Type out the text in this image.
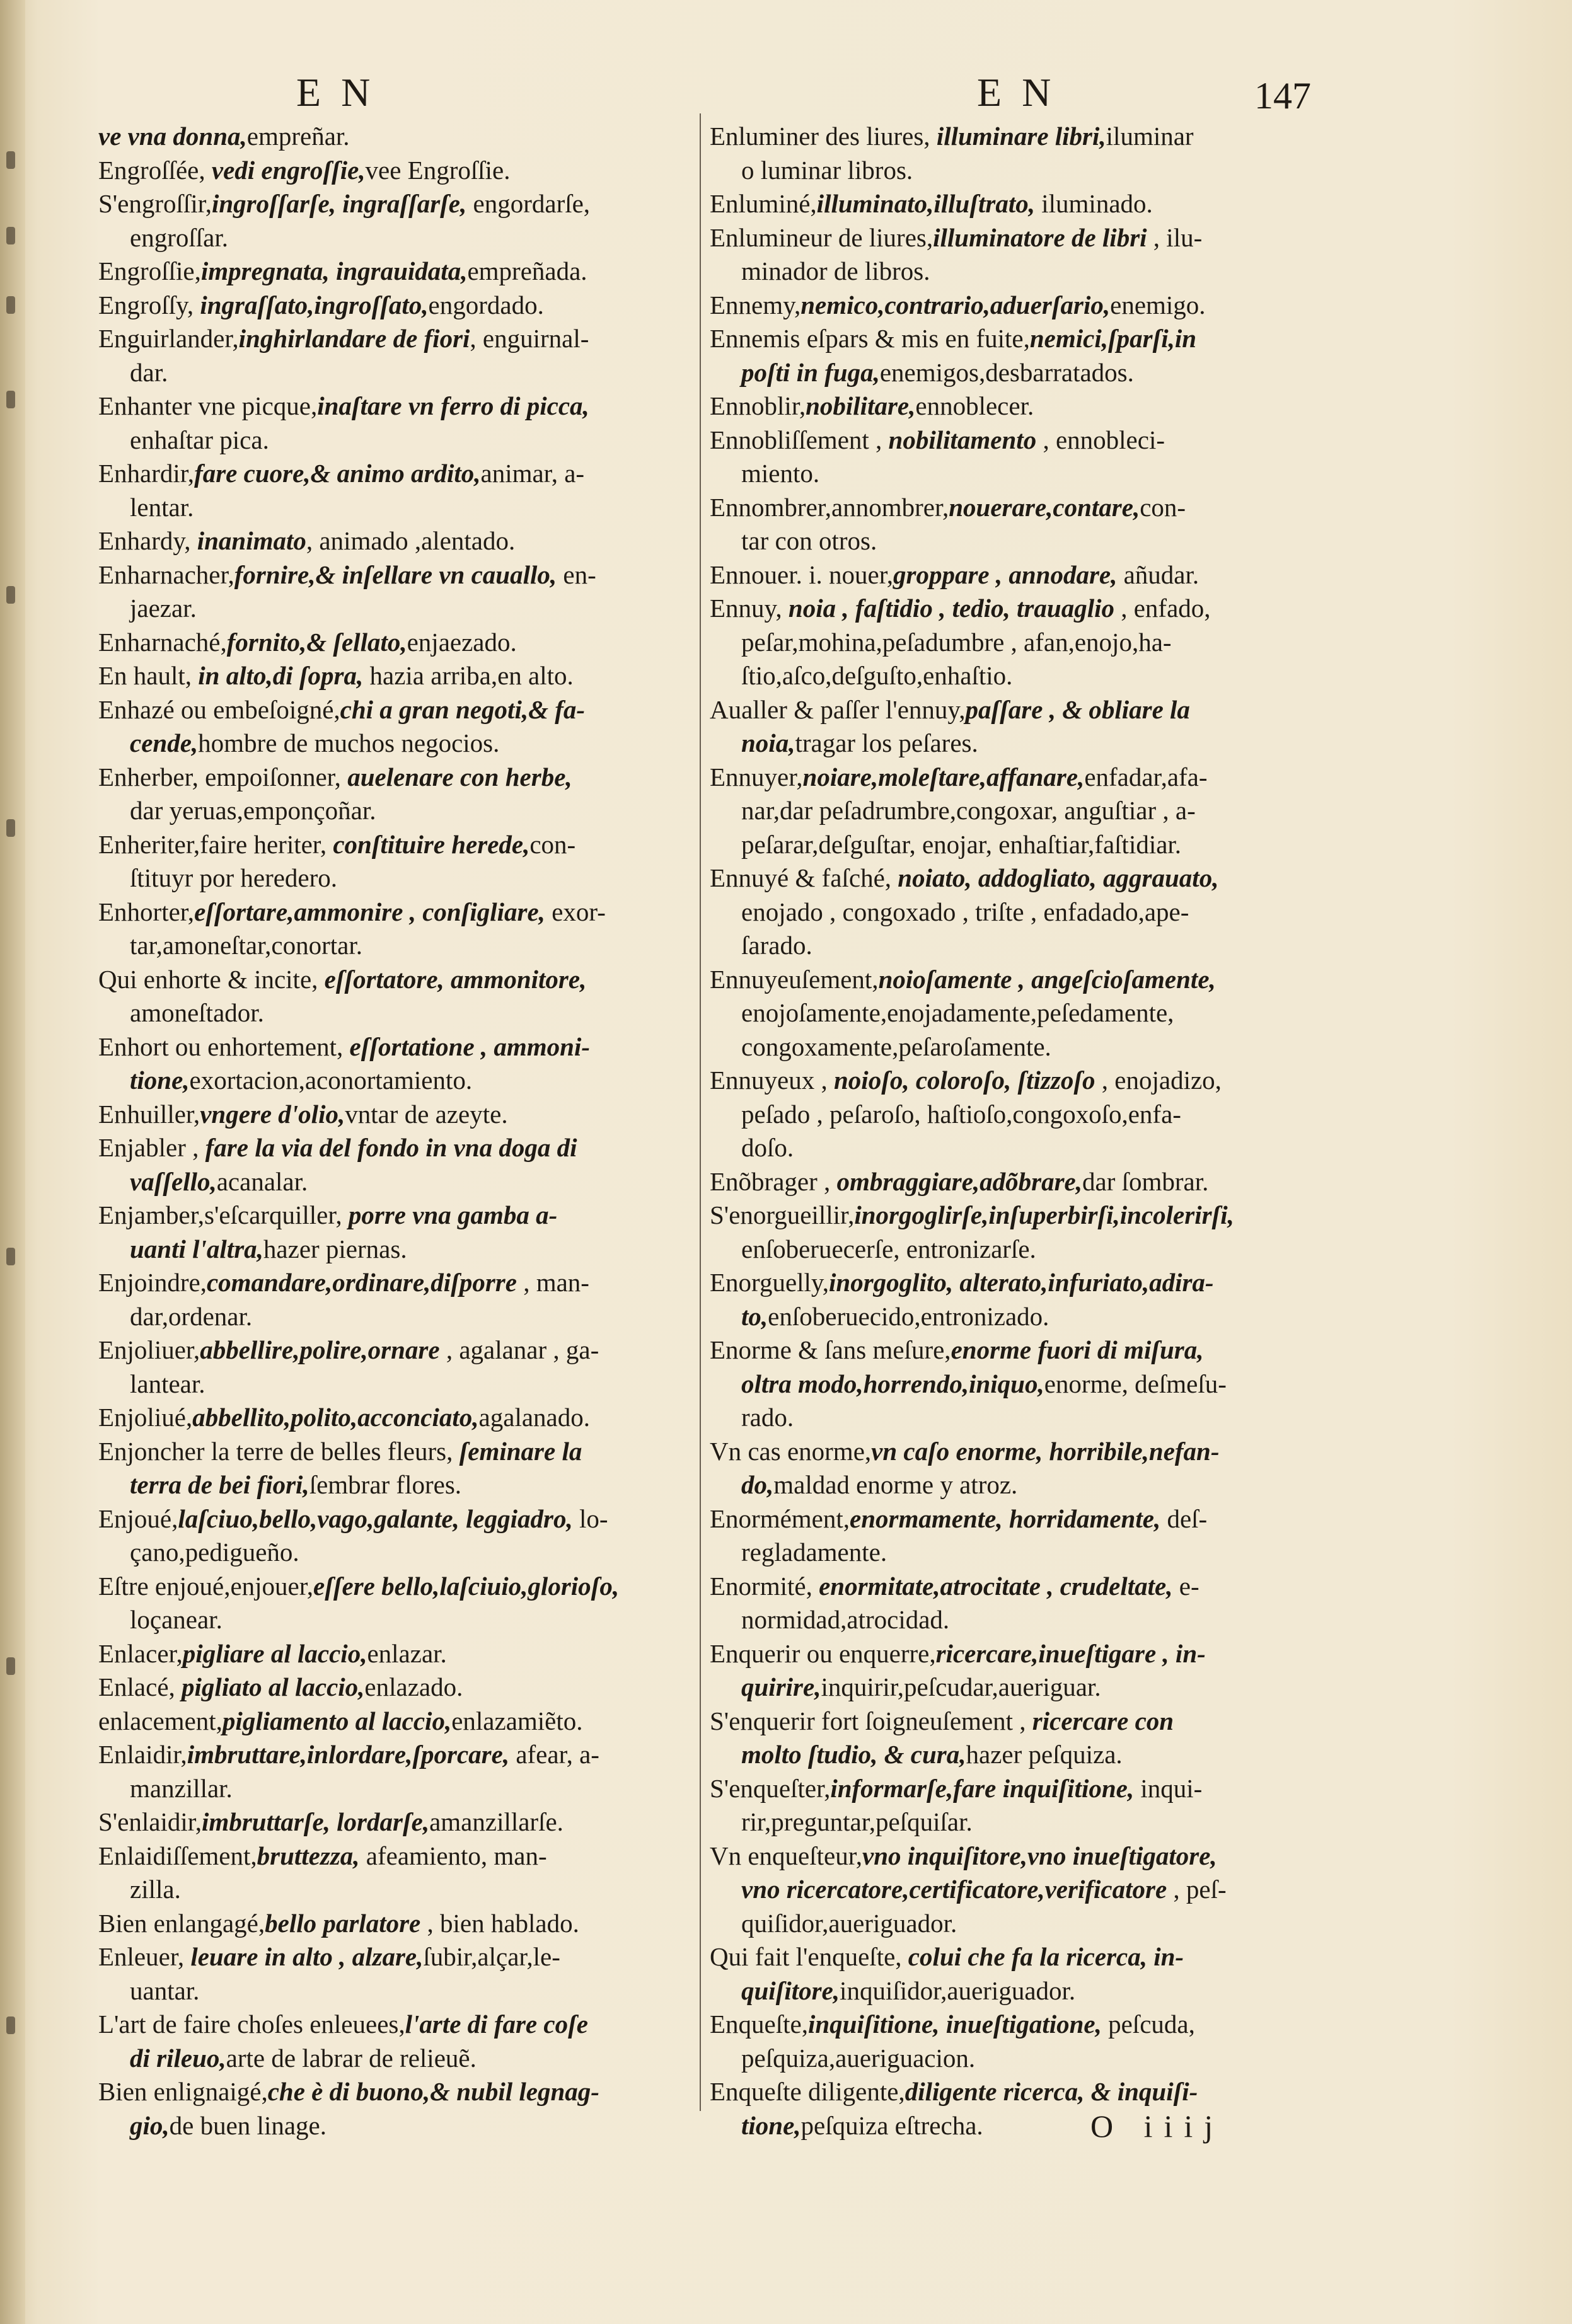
E N	E N	147
ve vna donna,empreñar.
Engroſſée, vedi engroſſie,vee Engroſſie.
S'engroſſir,ingroſſarſe, ingraſſarſe, engordarſe,
engroſſar.
Engroſſie,impregnata, ingrauidata,empreñada.
Engroſſy, ingraſſato,ingroſſato,engordado.
Enguirlander,inghirlandare de fiori, enguirnal-
dar.
Enhanter vne picque,inaſtare vn ferro di picca,
enhaſtar pica.
Enhardir,fare cuore,& animo ardito,animar, a-
lentar.
Enhardy, inanimato, animado ,alentado.
Enharnacher,fornire,& inſellare vn cauallo, en-
jaezar.
Enharnaché,fornito,& ſellato,enjaezado.
En hault, in alto,di ſopra, hazia arriba,en alto.
Enhazé ou embeſoigné,chi a gran negoti,& fa-
cende,hombre de muchos negocios.
Enherber, empoiſonner, auelenare con herbe,
dar yeruas,emponçoñar.
Enheriter,faire heriter, conſtituire herede,con-
ſtituyr por heredero.
Enhorter,eſſortare,ammonire , conſigliare, exor-
tar,amoneſtar,conortar.
Qui enhorte & incite, eſſortatore, ammonitore,
amoneſtador.
Enhort ou enhortement, eſſortatione , ammoni-
tione,exortacion,aconortamiento.
Enhuiller,vngere d'olio,vntar de azeyte.
Enjabler , fare la via del fondo in vna doga di
vaſſello,acanalar.
Enjamber,s'eſcarquiller, porre vna gamba a-
uanti l'altra,hazer piernas.
Enjoindre,comandare,ordinare,diſporre , man-
dar,ordenar.
Enjoliuer,abbellire,polire,ornare , agalanar , ga-
lantear.
Enjoliué,abbellito,polito,acconciato,agalanado.
Enjoncher la terre de belles fleurs, ſeminare la
terra de bei fiori,ſembrar flores.
Enjoué,laſciuo,bello,vago,galante, leggiadro, lo-
çano,pedigueño.
Eſtre enjoué,enjouer,eſſere bello,laſciuio,glorioſo,
loçanear.
Enlacer,pigliare al laccio,enlazar.
Enlacé, pigliato al laccio,enlazado.
enlacement,pigliamento al laccio,enlazamiẽto.
Enlaidir,imbruttare,inlordare,ſporcare, afear, a-
manzillar.
S'enlaidir,imbruttarſe, lordarſe,amanzillarſe.
Enlaidiſſement,bruttezza, afeamiento, man-
zilla.
Bien enlangagé,bello parlatore , bien hablado.
Enleuer, leuare in alto , alzare,ſubir,alçar,le-
uantar.
L'art de faire choſes enleuees,l'arte di fare coſe
di rileuo,arte de labrar de relieuẽ.
Bien enlignaigé,che è di buono,& nubil legnag-
gio,de buen linage.
Enluminer des liures, illuminare libri,iluminar
o luminar libros.
Enluminé,illuminato,illuſtrato, iluminado.
Enlumineur de liures,illuminatore de libri , ilu-
minador de libros.
Ennemy,nemico,contrario,aduerſario,enemigo.
Ennemis eſpars & mis en fuite,nemici,ſparſi,in
poſti in fuga,enemigos,desbarratados.
Ennoblir,nobilitare,ennoblecer.
Ennobliſſement , nobilitamento , ennobleci-
miento.
Ennombrer,annombrer,nouerare,contare,con-
tar con otros.
Ennouer. i. nouer,groppare , annodare, añudar.
Ennuy, noia , faſtidio , tedio, trauaglio , enfado,
peſar,mohina,peſadumbre , afan,enojo,ha-
ſtio,aſco,deſguſto,enhaſtio.
Aualler & paſſer l'ennuy,paſſare , & obliare la
noia,tragar los peſares.
Ennuyer,noiare,moleſtare,affanare,enfadar,afa-
nar,dar peſadrumbre,congoxar, anguſtiar , a-
peſarar,deſguſtar, enojar, enhaſtiar,faſtidiar.
Ennuyé & faſché, noiato, addogliato, aggrauato,
enojado , congoxado , triſte , enfadado,ape-
ſarado.
Ennuyeuſement,noioſamente , angeſcioſamente,
enojoſamente,enojadamente,peſedamente,
congoxamente,peſaroſamente.
Ennuyeux , noioſo, coloroſo, ſtizzoſo , enojadizo,
peſado , peſaroſo, haſtioſo,congoxoſo,enfa-
doſo.
Enõbrager , ombraggiare,adõbrare,dar ſombrar.
S'enorgueillir,inorgoglirſe,inſuperbirſi,incolerirſi,
enſoberuecerſe, entronizarſe.
Enorguelly,inorgoglito, alterato,infuriato,adira-
to,enſoberuecido,entronizado.
Enorme & ſans meſure,enorme fuori di miſura,
oltra modo,horrendo,iniquo,enorme, deſmeſu-
rado.
Vn cas enorme,vn caſo enorme, horribile,nefan-
do,maldad enorme y atroz.
Enormément,enormamente, horridamente, deſ-
regladamente.
Enormité, enormitate,atrocitate , crudeltate, e-
normidad,atrocidad.
Enquerir ou enquerre,ricercare,inueſtigare , in-
quirire,inquirir,peſcudar,aueriguar.
S'enquerir fort ſoigneuſement , ricercare con
molto ſtudio, & cura,hazer peſquiza.
S'enqueſter,informarſe,fare inquiſitione, inqui-
rir,preguntar,peſquiſar.
Vn enqueſteur,vno inquiſitore,vno inueſtigatore,
vno ricercatore,certificatore,verificatore , peſ-
quiſidor,aueriguador.
Qui fait l'enqueſte, colui che fa la ricerca, in-
quiſitore,inquiſidor,aueriguador.
Enqueſte,inquiſitione, inueſtigatione, peſcuda,
peſquiza,aueriguacion.
Enqueſte diligente,diligente ricerca, & inquiſi-
tione,peſquiza eſtrecha.	O iiij
